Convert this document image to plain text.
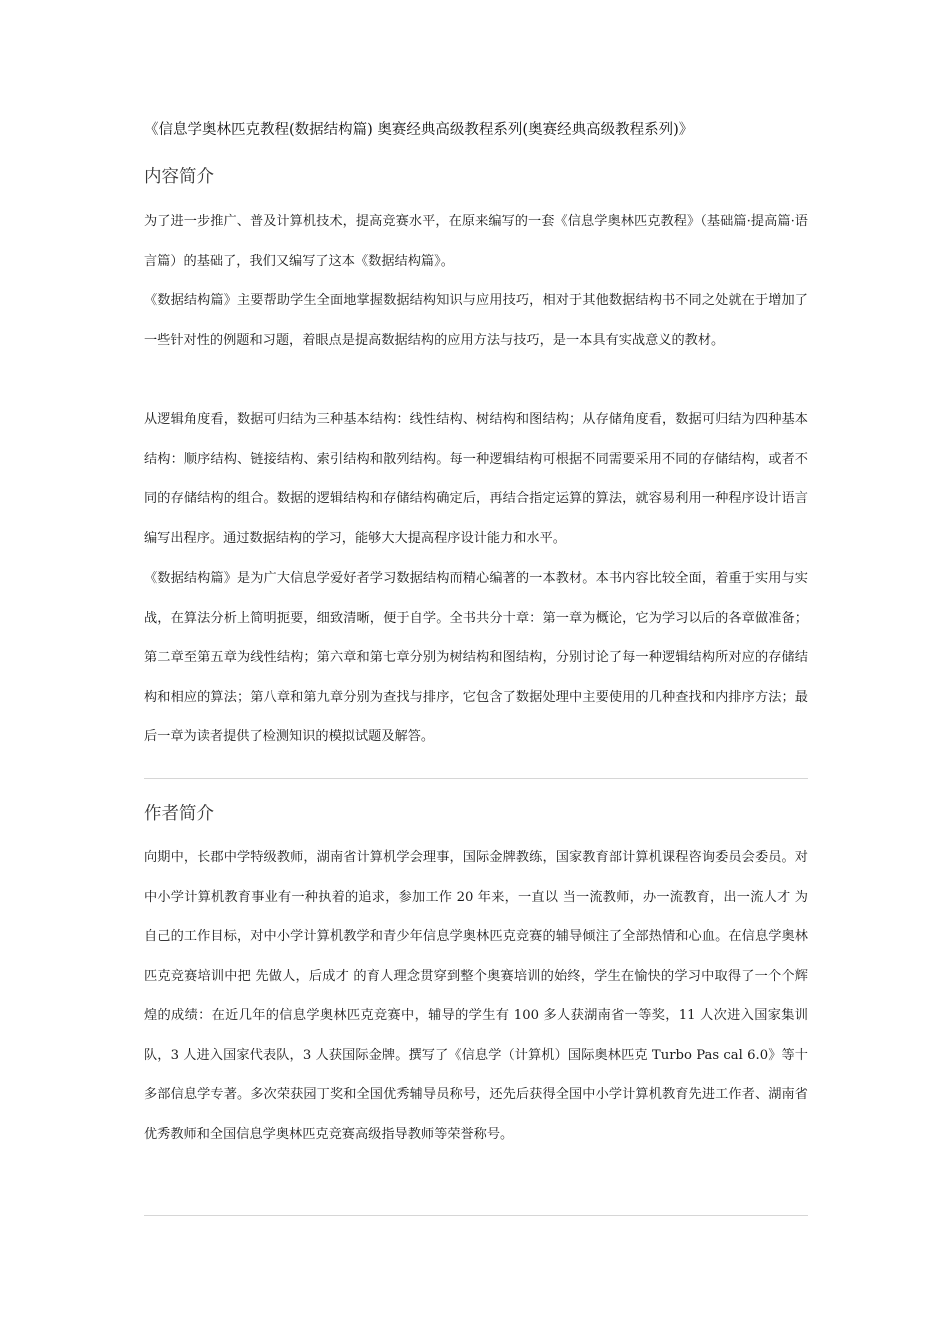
《信息学奥林匹克教程(数据结构篇) 奥赛经典高级教程系列(奥赛经典高级教程系列)》
内容简介
为了进一步推广、普及计算机技术，提高竞赛水平，在原来编写的一套《信息学奥林匹克教程》（基础篇·提高篇·语言篇）的基础了，我们又编写了这本《数据结构篇》。
《数据结构篇》主要帮助学生全面地掌握数据结构知识与应用技巧，相对于其他数据结构书不同之处就在于增加了一些针对性的例题和习题，着眼点是提高数据结构的应用方法与技巧，是一本具有实战意义的教材。
从逻辑角度看，数据可归结为三种基本结构：线性结构、树结构和图结构；从存储角度看，数据可归结为四种基本结构：顺序结构、链接结构、索引结构和散列结构。每一种逻辑结构可根据不同需要采用不同的存储结构，或者不同的存储结构的组合。数据的逻辑结构和存储结构确定后，再结合指定运算的算法，就容易利用一种程序设计语言编写出程序。通过数据结构的学习，能够大大提高程序设计能力和水平。
《数据结构篇》是为广大信息学爱好者学习数据结构而精心编著的一本教材。本书内容比较全面，着重于实用与实战，在算法分析上简明扼要，细致清晰，便于自学。全书共分十章：第一章为概论，它为学习以后的各章做准备；第二章至第五章为线性结构；第六章和第七章分别为树结构和图结构，分别讨论了每一种逻辑结构所对应的存储结构和相应的算法；第八章和第九章分别为查找与排序，它包含了数据处理中主要使用的几种查找和内排序方法；最后一章为读者提供了检测知识的模拟试题及解答。
作者简介
向期中，长郡中学特级教师，湖南省计算机学会理事，国际金牌教练，国家教育部计算机课程咨询委员会委员。对中小学计算机教育事业有一种执着的追求，参加工作 20 年来，一直以 当一流教师，办一流教育，出一流人才 为自己的工作目标，对中小学计算机教学和青少年信息学奥林匹克竞赛的辅导倾注了全部热情和心血。在信息学奥林匹克竞赛培训中把 先做人，后成才 的育人理念贯穿到整个奥赛培训的始终，学生在愉快的学习中取得了一个个辉煌的成绩：在近几年的信息学奥林匹克竞赛中，辅导的学生有 100 多人获湖南省一等奖，11 人次进入国家集训队，3 人进入国家代表队，3 人获国际金牌。撰写了《信息学（计算机）国际奥林匹克 Turbo Pas cal 6.0》等十多部信息学专著。多次荣获园丁奖和全国优秀辅导员称号，还先后获得全国中小学计算机教育先进工作者、湖南省优秀教师和全国信息学奥林匹克竞赛高级指导教师等荣誉称号。
